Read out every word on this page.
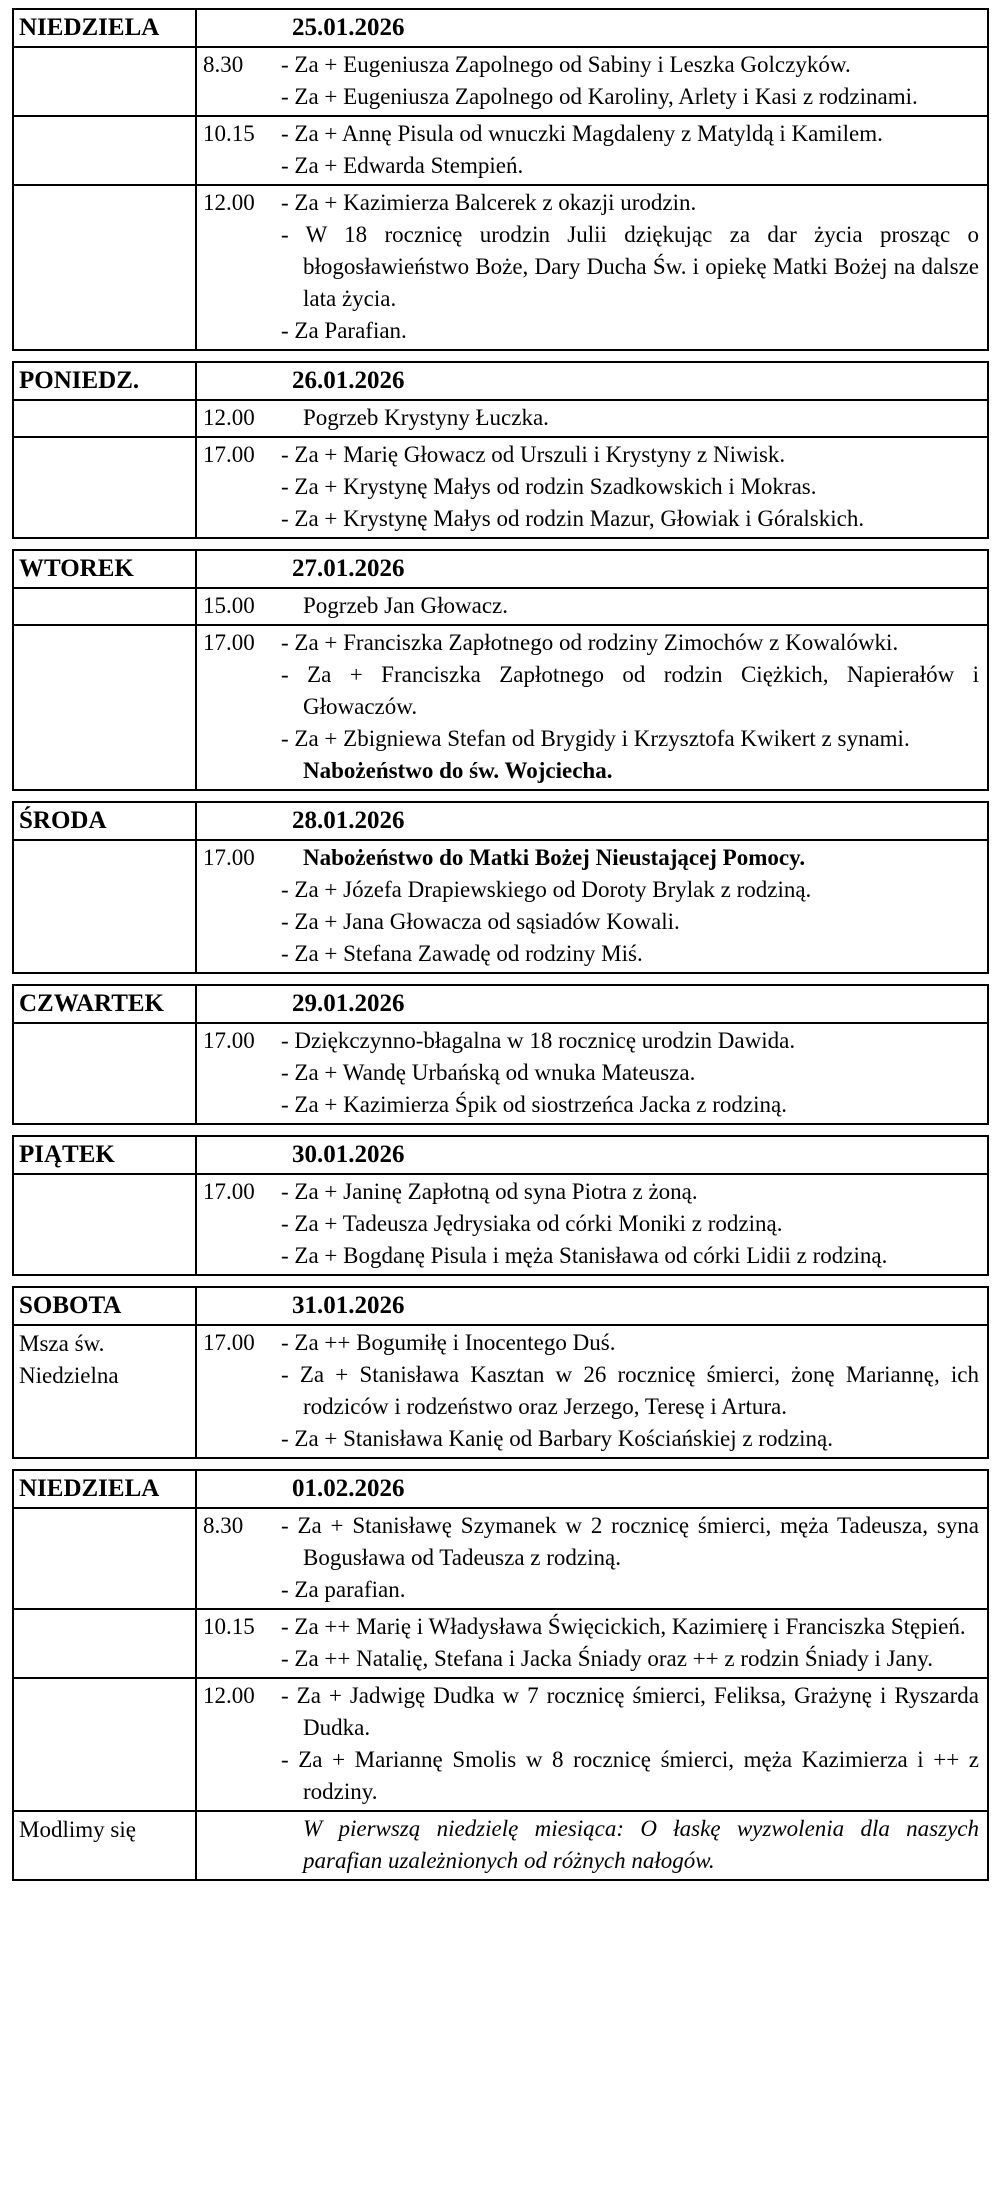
NIEDZIELA	25.01.2026
8.30	- Za + Eugeniusza Zapolnego od Sabiny i Leszka Golczyków.

- Za + Eugeniusza Zapolnego od Karoliny, Arlety i Kasi z rodzinami.

10.15	- Za + Annę Pisula od wnuczki Magdaleny z Matyldą i Kamilem.

- Za + Edwarda Stempień.

12.00	- Za + Kazimierza Balcerek z okazji urodzin.

- W 18 rocznicę urodzin Julii dziękując za dar życia prosząc o błogosławieństwo Boże, Dary Ducha Św. i opiekę Matki Bożej na dalsze lata życia.

- Za Parafian.

PONIEDZ.	26.01.2026
12.00	Pogrzeb Krystyny Łuczka.

17.00	- Za + Marię Głowacz od Urszuli i Krystyny z Niwisk.

- Za + Krystynę Małys od rodzin Szadkowskich i Mokras.

- Za + Krystynę Małys od rodzin Mazur, Głowiak i Góralskich.

WTOREK	27.01.2026
15.00	Pogrzeb Jan Głowacz.

17.00	- Za + Franciszka Zapłotnego od rodziny Zimochów z Kowalówki.

- Za + Franciszka Zapłotnego od rodzin Ciężkich, Napierałów i Głowaczów.

- Za + Zbigniewa Stefan od Brygidy i Krzysztofa Kwikert z synami.

Nabożeństwo do św. Wojciecha.

ŚRODA	28.01.2026
17.00	Nabożeństwo do Matki Bożej Nieustającej Pomocy.

- Za + Józefa Drapiewskiego od Doroty Brylak z rodziną.

- Za + Jana Głowacza od sąsiadów Kowali.

- Za + Stefana Zawadę od rodziny Miś.

CZWARTEK	29.01.2026
17.00	- Dziękczynno-błagalna w 18 rocznicę urodzin Dawida.

- Za + Wandę Urbańską od wnuka Mateusza.

- Za + Kazimierza Śpik od siostrzeńca Jacka z rodziną.

PIĄTEK	30.01.2026
17.00	- Za + Janinę Zapłotną od syna Piotra z żoną.

- Za + Tadeusza Jędrysiaka od córki Moniki z rodziną.

- Za + Bogdanę Pisula i męża Stanisława od córki Lidii z rodziną.

SOBOTA	31.01.2026
Msza św.
Niedzielna
17.00	- Za ++ Bogumiłę i Inocentego Duś.

- Za + Stanisława Kasztan w 26 rocznicę śmierci, żonę Mariannę, ich rodziców i rodzeństwo oraz Jerzego, Teresę i Artura.

- Za + Stanisława Kanię od Barbary Kościańskiej z rodziną.

NIEDZIELA	01.02.2026
8.30	- Za + Stanisławę Szymanek w 2 rocznicę śmierci, męża Tadeusza, syna Bogusława od Tadeusza z rodziną.

- Za parafian.

10.15	- Za ++ Marię i Władysława Święcickich, Kazimierę i Franciszka Stępień.

- Za ++ Natalię, Stefana i Jacka Śniady oraz ++ z rodzin Śniady i Jany.

12.00	- Za + Jadwigę Dudka w 7 rocznicę śmierci, Feliksa, Grażynę i Ryszarda Dudka.

- Za + Mariannę Smolis w 8 rocznicę śmierci, męża Kazimierza i ++ z rodziny.

Modlimy się	W pierwszą niedzielę miesiąca: O łaskę wyzwolenia dla naszych parafian uzależnionych od różnych nałogów.
